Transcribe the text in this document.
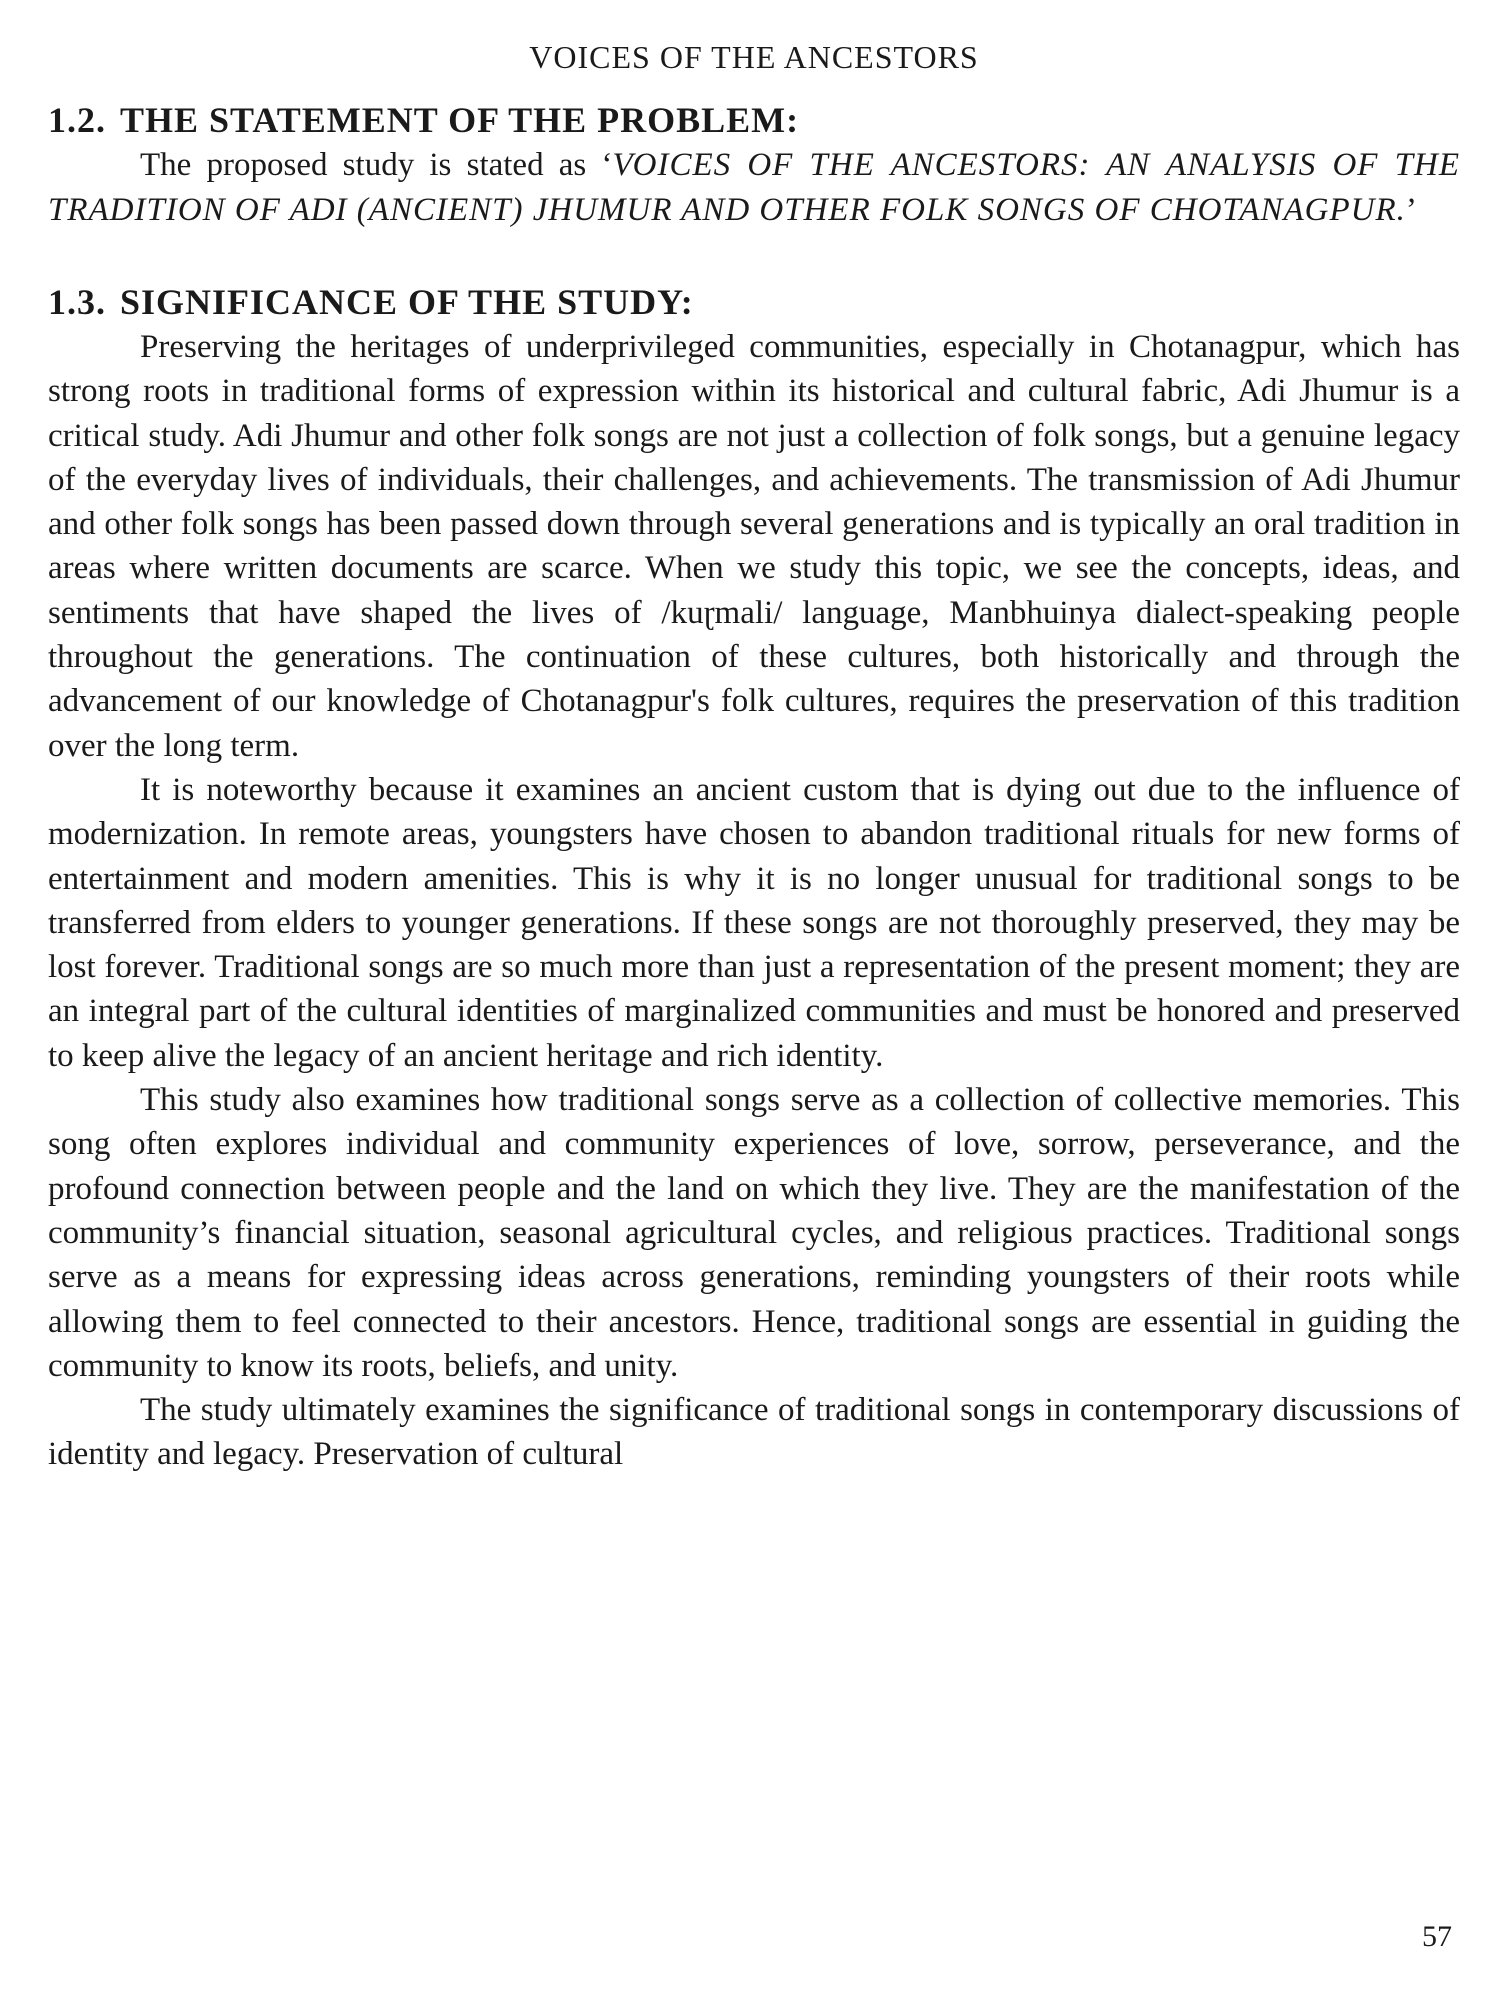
VOICES OF THE ANCESTORS
1.2. THE STATEMENT OF THE PROBLEM:

The proposed study is stated as ‘VOICES OF THE ANCESTORS: AN ANALYSIS OF THE TRADITION OF ADI (ANCIENT) JHUMUR AND OTHER FOLK SONGS OF CHOTANAGPUR.’

1.3. SIGNIFICANCE OF THE STUDY:

Preserving the heritages of underprivileged communities, especially in Chotanagpur, which has strong roots in traditional forms of expression within its historical and cultural fabric, Adi Jhumur is a critical study. Adi Jhumur and other folk songs are not just a collection of folk songs, but a genuine legacy of the everyday lives of individuals, their challenges, and achievements. The transmission of Adi Jhumur and other folk songs has been passed down through several generations and is typically an oral tradition in areas where written documents are scarce. When we study this topic, we see the concepts, ideas, and sentiments that have shaped the lives of /kuɽmali/ language, Manbhuinya dialect-speaking people throughout the generations. The continuation of these cultures, both historically and through the advancement of our knowledge of Chotanagpur's folk cultures, requires the preservation of this tradition over the long term.

It is noteworthy because it examines an ancient custom that is dying out due to the influence of modernization. In remote areas, youngsters have chosen to abandon traditional rituals for new forms of entertainment and modern amenities. This is why it is no longer unusual for traditional songs to be transferred from elders to younger generations. If these songs are not thoroughly preserved, they may be lost forever. Traditional songs are so much more than just a representation of the present moment; they are an integral part of the cultural identities of marginalized communities and must be honored and preserved to keep alive the legacy of an ancient heritage and rich identity.

This study also examines how traditional songs serve as a collection of collective memories. This song often explores individual and community experiences of love, sorrow, perseverance, and the profound connection between people and the land on which they live. They are the manifestation of the community’s financial situation, seasonal agricultural cycles, and religious practices. Traditional songs serve as a means for expressing ideas across generations, reminding youngsters of their roots while allowing them to feel connected to their ancestors. Hence, traditional songs are essential in guiding the community to know its roots, beliefs, and unity.

The study ultimately examines the significance of traditional songs in contemporary discussions of identity and legacy. Preservation of cultural

57
